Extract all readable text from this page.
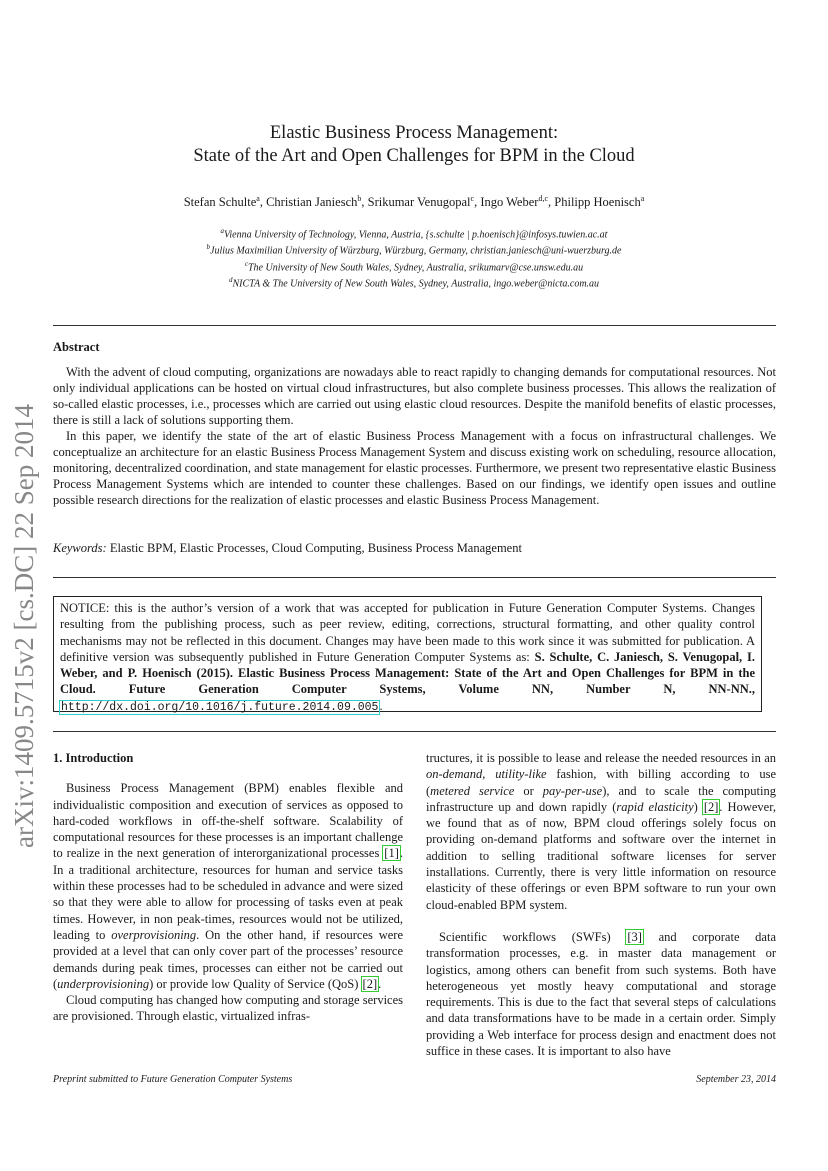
arXiv:1409.5715v2 [cs.DC] 22 Sep 2014
Elastic Business Process Management:
State of the Art and Open Challenges for BPM in the Cloud
Stefan Schulte$^a$, Christian Janiesch$^b$, Srikumar Venugopal$^c$, Ingo Weber$^{d,c}$, Philipp Hoenisch$^a$
$^a$Vienna University of Technology, Vienna, Austria, {s.schulte | p.hoenisch}@infosys.tuwien.ac.at
$^b$Julius Maximilian University of Würzburg, Würzburg, Germany, christian.janiesch@uni-wuerzburg.de
$^c$The University of New South Wales, Sydney, Australia, srikumarv@cse.unsw.edu.au
$^d$NICTA & The University of New South Wales, Sydney, Australia, ingo.weber@nicta.com.au
Abstract

With the advent of cloud computing, organizations are nowadays able to react rapidly to changing demands for computational resources. Not only individual applications can be hosted on virtual cloud infrastructures, but also complete business processes. This allows the realization of so-called elastic processes, i.e., processes which are carried out using elastic cloud resources. Despite the manifold benefits of elastic processes, there is still a lack of solutions supporting them.

In this paper, we identify the state of the art of elastic Business Process Management with a focus on infrastructural challenges. We conceptualize an architecture for an elastic Business Process Management System and discuss existing work on scheduling, resource allocation, monitoring, decentralized coordination, and state management for elastic processes. Furthermore, we present two representative elastic Business Process Management Systems which are intended to counter these challenges. Based on our findings, we identify open issues and outline possible research directions for the realization of elastic processes and elastic Business Process Management.

Keywords: Elastic BPM, Elastic Processes, Cloud Computing, Business Process Management
NOTICE: this is the author’s version of a work that was accepted for publication in Future Generation Computer Systems. Changes resulting from the publishing process, such as peer review, editing, corrections, structural formatting, and other quality control mechanisms may not be reflected in this document. Changes may have been made to this work since it was submitted for publication. A definitive version was subsequently published in Future Generation Computer Systems as: S. Schulte, C. Janiesch, S. Venugopal, I. Weber, and P. Hoenisch (2015). Elastic Business Process Management: State of the Art and Open Challenges for BPM in the Cloud. Future Generation Computer Systems, Volume NN, Number N, NN-NN., http://dx.doi.org/10.1016/j.future.2014.09.005.

1. Introduction

Business Process Management (BPM) enables flexible and individualistic composition and execution of services as opposed to hard-coded workflows in off-the-shelf software. Scalability of computational resources for these processes is an important challenge to realize in the next generation of interorganizational processes [1]. In a traditional architecture, resources for human and service tasks within these processes had to be scheduled in advance and were sized so that they were able to allow for processing of tasks even at peak times. However, in non peak-times, resources would not be utilized, leading to overprovisioning. On the other hand, if resources were provided at a level that can only cover part of the processes’ resource demands during peak times, processes can either not be carried out (underprovisioning) or provide low Quality of Service (QoS) [2].

Cloud computing has changed how computing and storage services are provisioned. Through elastic, virtualized infras-

tructures, it is possible to lease and release the needed resources in an on-demand, utility-like fashion, with billing according to use (metered service or pay-per-use), and to scale the computing infrastructure up and down rapidly (rapid elasticity) [2]. However, we found that as of now, BPM cloud offerings solely focus on providing on-demand platforms and software over the internet in addition to selling traditional software licenses for server installations. Currently, there is very little information on resource elasticity of these offerings or even BPM software to run your own cloud-enabled BPM system.

Scientific workflows (SWFs) [3] and corporate data transformation processes, e.g. in master data management or logistics, among others can benefit from such systems. Both have heterogeneous yet mostly heavy computational and storage requirements. This is due to the fact that several steps of calculations and data transformations have to be made in a certain order. Simply providing a Web interface for process design and enactment does not suffice in these cases. It is important to also have

Preprint submitted to Future Generation Computer Systems	September 23, 2014
